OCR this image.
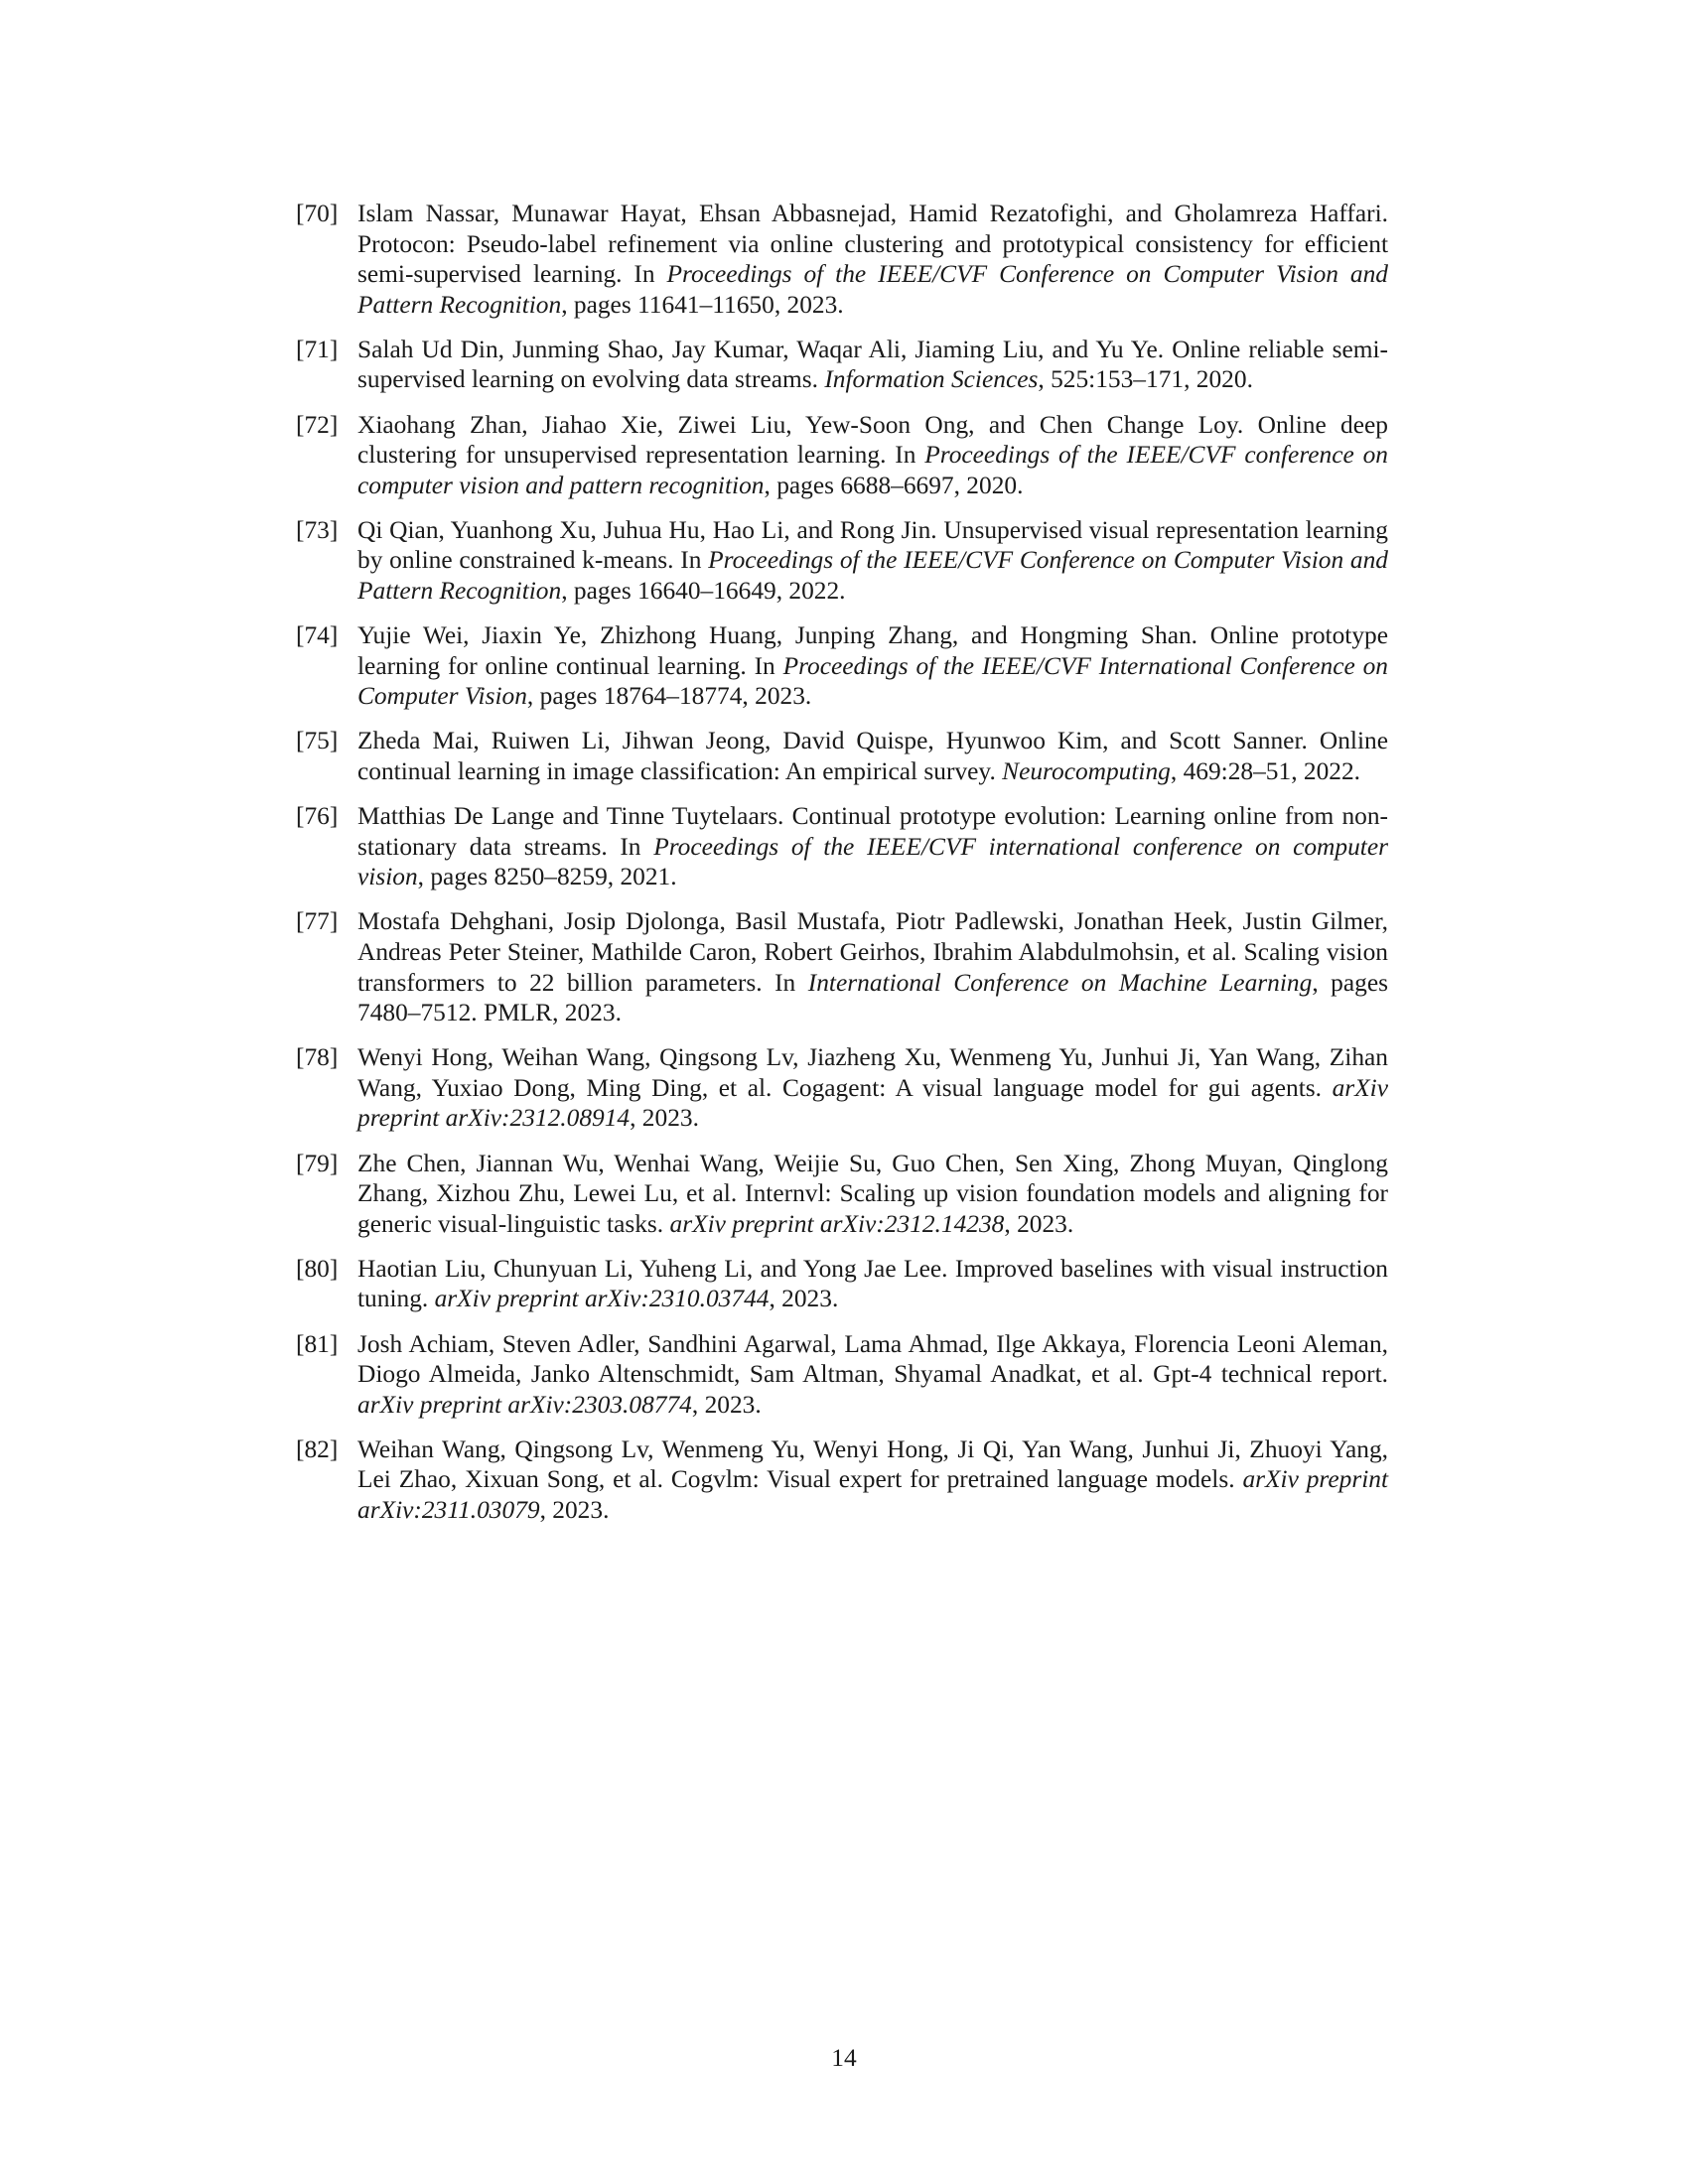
[70] Islam Nassar, Munawar Hayat, Ehsan Abbasnejad, Hamid Rezatofighi, and Gholamreza Haffari. Protocon: Pseudo-label refinement via online clustering and prototypical consistency for efficient semi-supervised learning. In Proceedings of the IEEE/CVF Conference on Computer Vision and Pattern Recognition, pages 11641–11650, 2023.
[71] Salah Ud Din, Junming Shao, Jay Kumar, Waqar Ali, Jiaming Liu, and Yu Ye. Online reliable semi-supervised learning on evolving data streams. Information Sciences, 525:153–171, 2020.
[72] Xiaohang Zhan, Jiahao Xie, Ziwei Liu, Yew-Soon Ong, and Chen Change Loy. Online deep clustering for unsupervised representation learning. In Proceedings of the IEEE/CVF conference on computer vision and pattern recognition, pages 6688–6697, 2020.
[73] Qi Qian, Yuanhong Xu, Juhua Hu, Hao Li, and Rong Jin. Unsupervised visual representation learning by online constrained k-means. In Proceedings of the IEEE/CVF Conference on Computer Vision and Pattern Recognition, pages 16640–16649, 2022.
[74] Yujie Wei, Jiaxin Ye, Zhizhong Huang, Junping Zhang, and Hongming Shan. Online prototype learning for online continual learning. In Proceedings of the IEEE/CVF International Conference on Computer Vision, pages 18764–18774, 2023.
[75] Zheda Mai, Ruiwen Li, Jihwan Jeong, David Quispe, Hyunwoo Kim, and Scott Sanner. Online continual learning in image classification: An empirical survey. Neurocomputing, 469:28–51, 2022.
[76] Matthias De Lange and Tinne Tuytelaars. Continual prototype evolution: Learning online from non-stationary data streams. In Proceedings of the IEEE/CVF international conference on computer vision, pages 8250–8259, 2021.
[77] Mostafa Dehghani, Josip Djolonga, Basil Mustafa, Piotr Padlewski, Jonathan Heek, Justin Gilmer, Andreas Peter Steiner, Mathilde Caron, Robert Geirhos, Ibrahim Alabdulmohsin, et al. Scaling vision transformers to 22 billion parameters. In International Conference on Machine Learning, pages 7480–7512. PMLR, 2023.
[78] Wenyi Hong, Weihan Wang, Qingsong Lv, Jiazheng Xu, Wenmeng Yu, Junhui Ji, Yan Wang, Zihan Wang, Yuxiao Dong, Ming Ding, et al. Cogagent: A visual language model for gui agents. arXiv preprint arXiv:2312.08914, 2023.
[79] Zhe Chen, Jiannan Wu, Wenhai Wang, Weijie Su, Guo Chen, Sen Xing, Zhong Muyan, Qinglong Zhang, Xizhou Zhu, Lewei Lu, et al. Internvl: Scaling up vision foundation models and aligning for generic visual-linguistic tasks. arXiv preprint arXiv:2312.14238, 2023.
[80] Haotian Liu, Chunyuan Li, Yuheng Li, and Yong Jae Lee. Improved baselines with visual instruction tuning. arXiv preprint arXiv:2310.03744, 2023.
[81] Josh Achiam, Steven Adler, Sandhini Agarwal, Lama Ahmad, Ilge Akkaya, Florencia Leoni Aleman, Diogo Almeida, Janko Altenschmidt, Sam Altman, Shyamal Anadkat, et al. Gpt-4 technical report. arXiv preprint arXiv:2303.08774, 2023.
[82] Weihan Wang, Qingsong Lv, Wenmeng Yu, Wenyi Hong, Ji Qi, Yan Wang, Junhui Ji, Zhuoyi Yang, Lei Zhao, Xixuan Song, et al. Cogvlm: Visual expert for pretrained language models. arXiv preprint arXiv:2311.03079, 2023.
14
